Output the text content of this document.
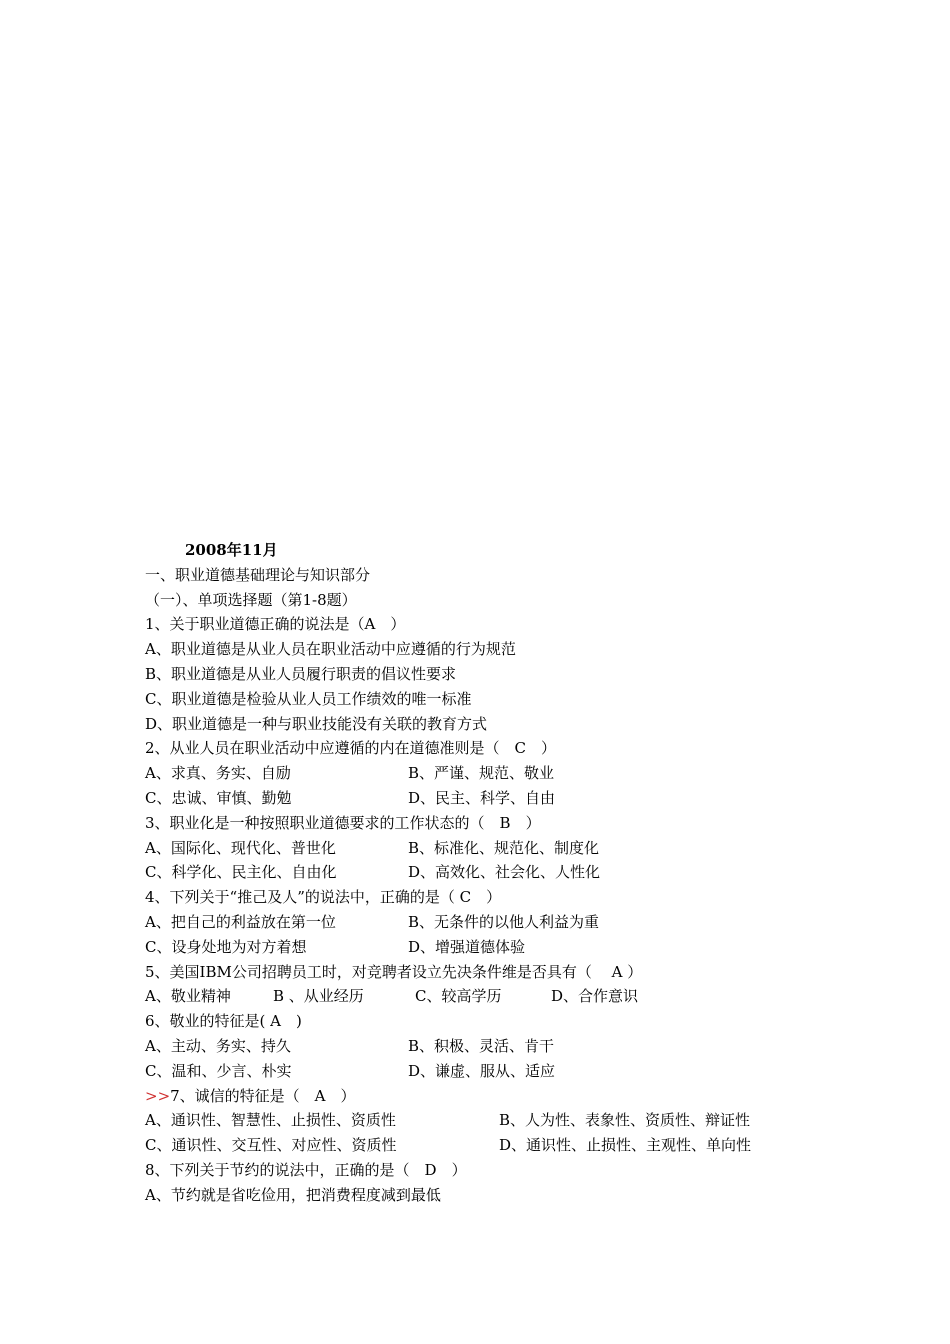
2008年11月
一、职业道德基础理论与知识部分
（一）、单项选择题（第1-8题）
1、关于职业道德正确的说法是（A　）
A、职业道德是从业人员在职业活动中应遵循的行为规范
B、职业道德是从业人员履行职责的倡议性要求
C、职业道德是检验从业人员工作绩效的唯一标准
D、职业道德是一种与职业技能没有关联的教育方式
2、从业人员在职业活动中应遵循的内在道德准则是（　C　）
A、求真、务实、自励	B、严谨、规范、敬业
C、忠诚、审慎、勤勉	D、民主、科学、自由
3、职业化是一种按照职业道德要求的工作状态的（　B　）
A、国际化、现代化、普世化	B、标准化、规范化、制度化
C、科学化、民主化、自由化	D、高效化、社会化、人性化
4、下列关于“推己及人”的说法中，正确的是（ C　）
A、把自己的利益放在第一位	B、无条件的以他人利益为重
C、设身处地为对方着想	D、增强道德体验
5、美国IBM公司招聘员工时，对竞聘者设立先决条件维是否具有（　 A ）
A、敬业精神	B 、从业经历	C、较高学历	D、合作意识
6、敬业的特征是( A　)
A、主动、务实、持久	B、积极、灵活、肯干
C、温和、少言、朴实	D、谦虚、服从、适应
>>7、诚信的特征是（　A　）
A、通识性、智慧性、止损性、资质性	B、人为性、表象性、资质性、辩证性
C、通识性、交互性、对应性、资质性	D、通识性、止损性、主观性、单向性
8、下列关于节约的说法中，正确的是（　D　）
A、节约就是省吃俭用，把消费程度减到最低
